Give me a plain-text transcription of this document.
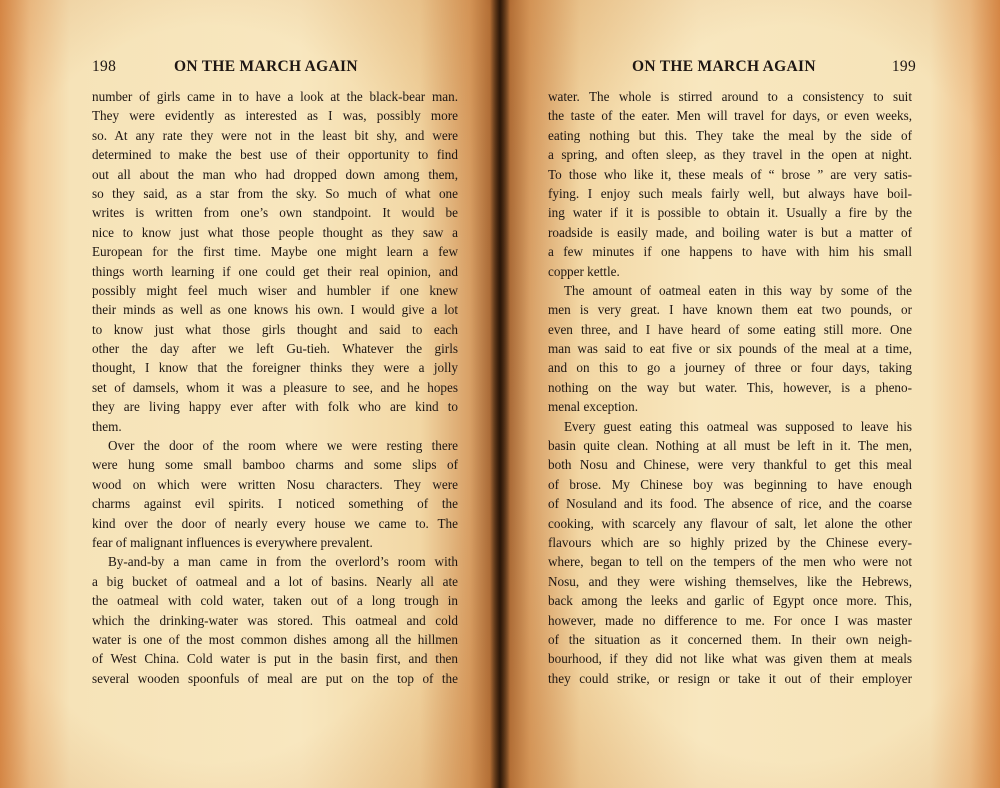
198	ON THE MARCH AGAIN
number of girls came in to have a look at the black-bear man.
They were evidently as interested as I was, possibly more
so. At any rate they were not in the least bit shy, and were
determined to make the best use of their opportunity to find
out all about the man who had dropped down among them,
so they said, as a star from the sky. So much of what one
writes is written from one’s own standpoint. It would be
nice to know just what those people thought as they saw a
European for the first time. Maybe one might learn a few
things worth learning if one could get their real opinion, and
possibly might feel much wiser and humbler if one knew
their minds as well as one knows his own. I would give a lot
to know just what those girls thought and said to each
other the day after we left Gu-tieh. Whatever the girls
thought, I know that the foreigner thinks they were a jolly
set of damsels, whom it was a pleasure to see, and he hopes
they are living happy ever after with folk who are kind to
them.
Over the door of the room where we were resting there
were hung some small bamboo charms and some slips of
wood on which were written Nosu characters. They were
charms against evil spirits. I noticed something of the
kind over the door of nearly every house we came to. The
fear of malignant influences is everywhere prevalent.
By-and-by a man came in from the overlord’s room with
a big bucket of oatmeal and a lot of basins. Nearly all ate
the oatmeal with cold water, taken out of a long trough in
which the drinking-water was stored. This oatmeal and cold
water is one of the most common dishes among all the hillmen
of West China. Cold water is put in the basin first, and then
several wooden spoonfuls of meal are put on the top of the
ON THE MARCH AGAIN	199
water. The whole is stirred around to a consistency to suit
the taste of the eater. Men will travel for days, or even weeks,
eating nothing but this. They take the meal by the side of
a spring, and often sleep, as they travel in the open at night.
To those who like it, these meals of “ brose ” are very satis-
fying. I enjoy such meals fairly well, but always have boil-
ing water if it is possible to obtain it. Usually a fire by the
roadside is easily made, and boiling water is but a matter of
a few minutes if one happens to have with him his small
copper kettle.
The amount of oatmeal eaten in this way by some of the
men is very great. I have known them eat two pounds, or
even three, and I have heard of some eating still more. One
man was said to eat five or six pounds of the meal at a time,
and on this to go a journey of three or four days, taking
nothing on the way but water. This, however, is a pheno-
menal exception.
Every guest eating this oatmeal was supposed to leave his
basin quite clean. Nothing at all must be left in it. The men,
both Nosu and Chinese, were very thankful to get this meal
of brose. My Chinese boy was beginning to have enough
of Nosuland and its food. The absence of rice, and the coarse
cooking, with scarcely any flavour of salt, let alone the other
flavours which are so highly prized by the Chinese every-
where, began to tell on the tempers of the men who were not
Nosu, and they were wishing themselves, like the Hebrews,
back among the leeks and garlic of Egypt once more. This,
however, made no difference to me. For once I was master
of the situation as it concerned them. In their own neigh-
bourhood, if they did not like what was given them at meals
they could strike, or resign or take it out of their employer
